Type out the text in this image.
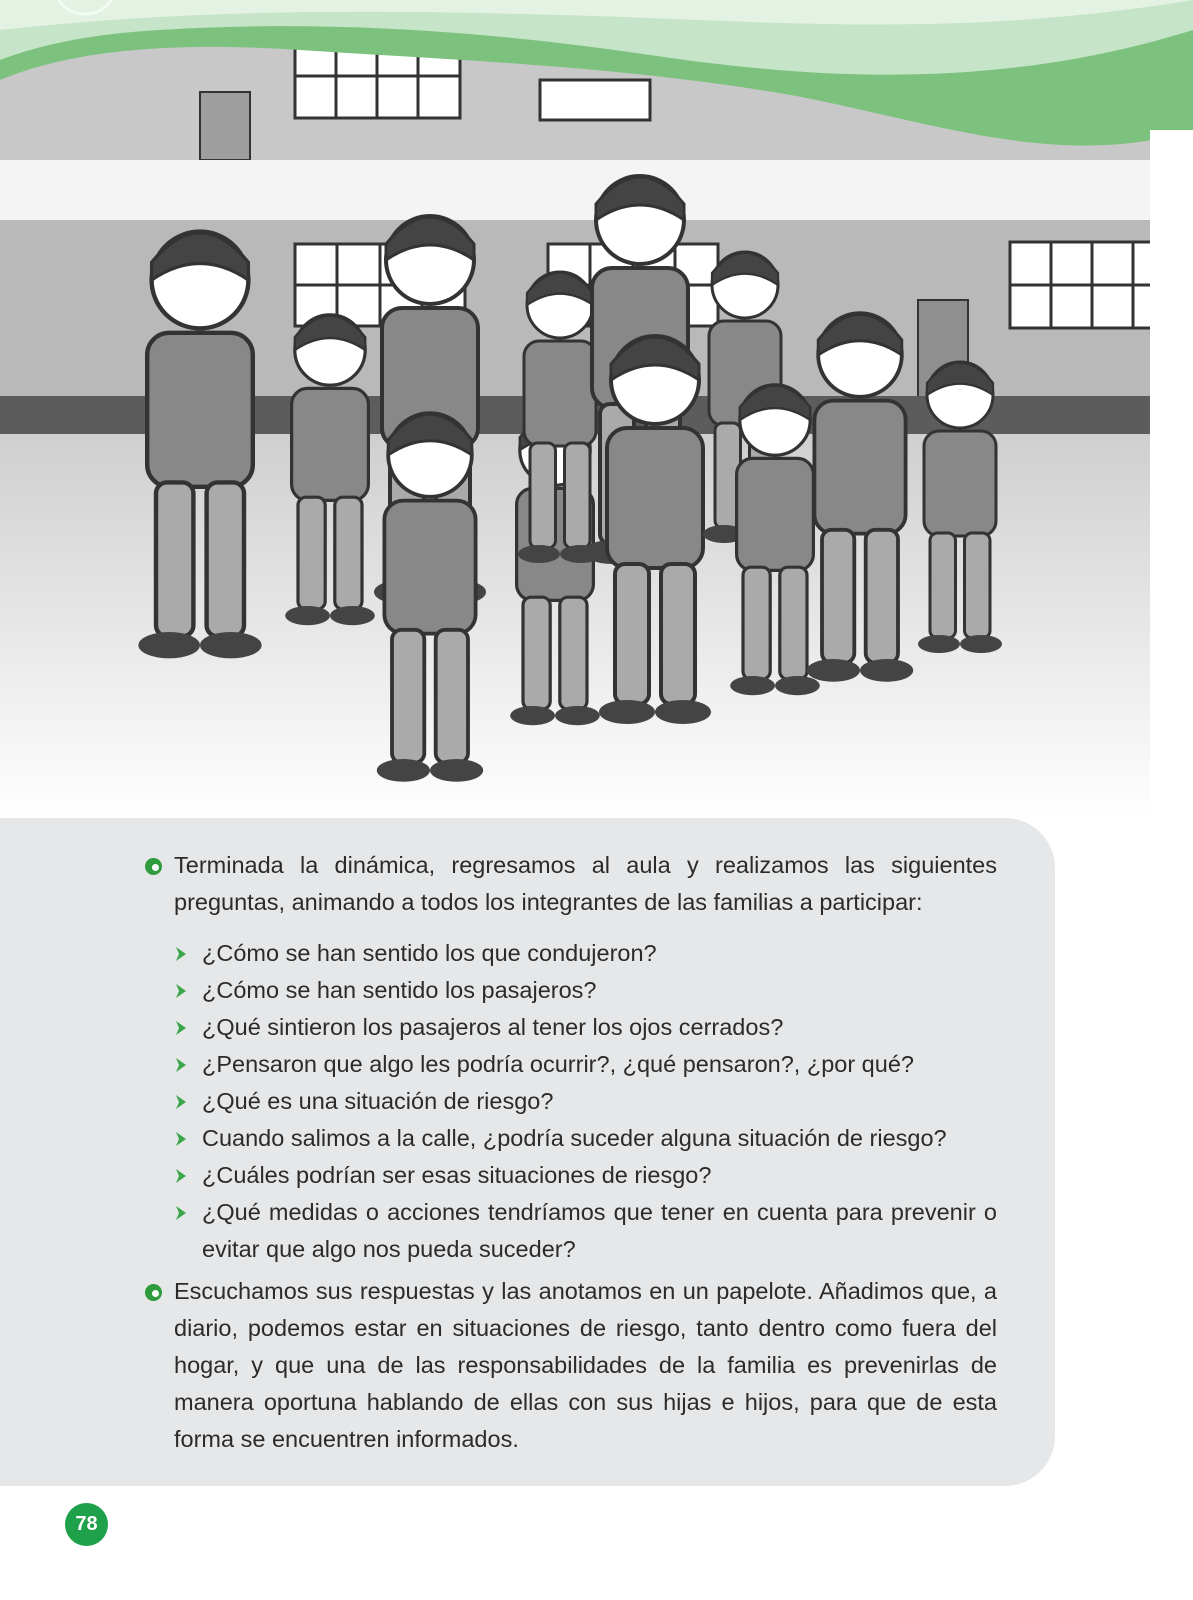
Terminada la dinámica, regresamos al aula y realizamos las siguientes preguntas, animando a todos los integrantes de las familias a participar:
¿Cómo se han sentido los que condujeron?
¿Cómo se han sentido los pasajeros?
¿Qué sintieron los pasajeros al tener los ojos cerrados?
¿Pensaron que algo les podría ocurrir?, ¿qué pensaron?, ¿por qué?
¿Qué es una situación de riesgo?
Cuando salimos a la calle, ¿podría suceder alguna situación de riesgo?
¿Cuáles podrían ser esas situaciones de riesgo?
¿Qué medidas o acciones tendríamos que tener en cuenta para prevenir o evitar que algo nos pueda suceder?
Escuchamos sus respuestas y las anotamos en un papelote. Añadimos que, a diario, podemos estar en situaciones de riesgo, tanto dentro como fuera del hogar, y que una de las responsabilidades de la familia es prevenirlas de manera oportuna hablando de ellas con sus hijas e hijos, para que de esta forma se encuentren informados.
78
